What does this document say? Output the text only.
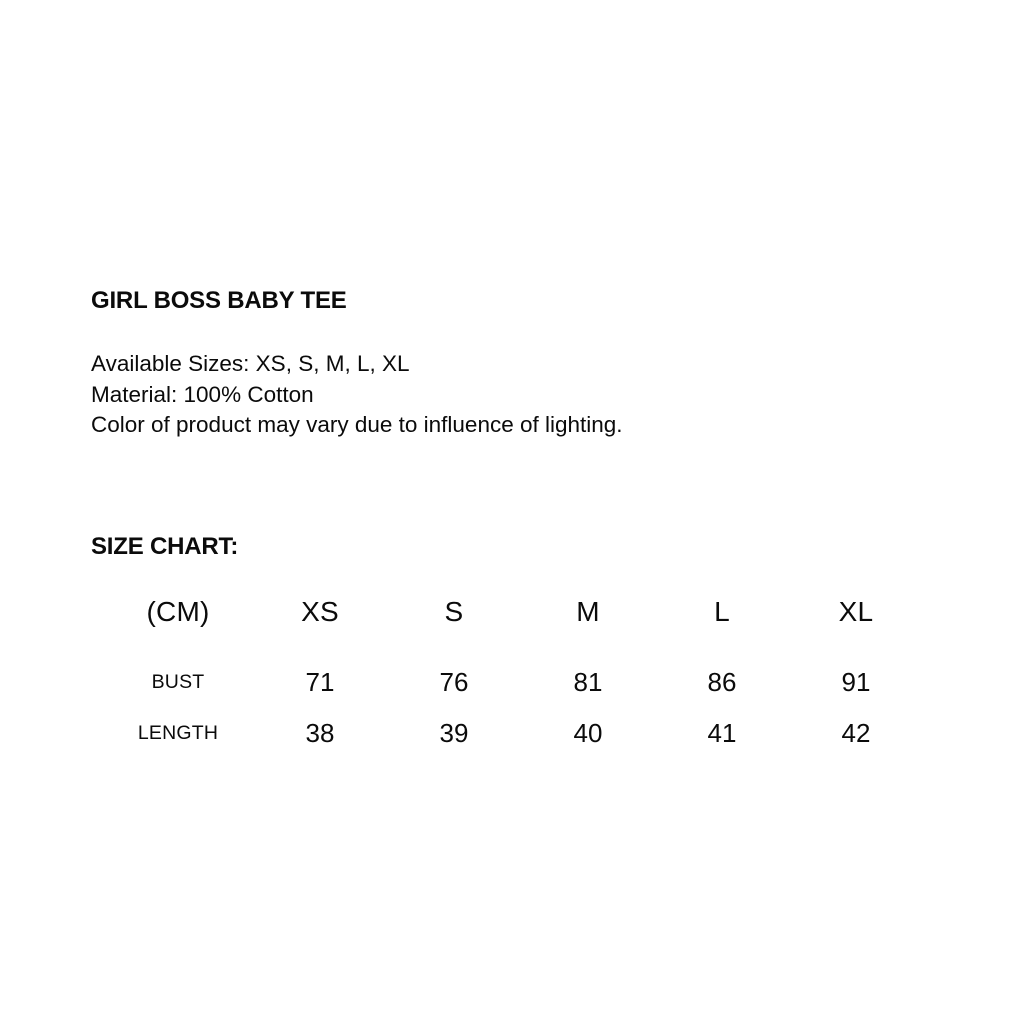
GIRL BOSS BABY TEE

Available Sizes: XS, S, M, L, XL

Material: 100% Cotton

Color of product may vary due to influence of lighting.

SIZE CHART:
(CM)	XS	S	M	L	XL
BUST	71	76	81	86	91
LENGTH	38	39	40	41	42
